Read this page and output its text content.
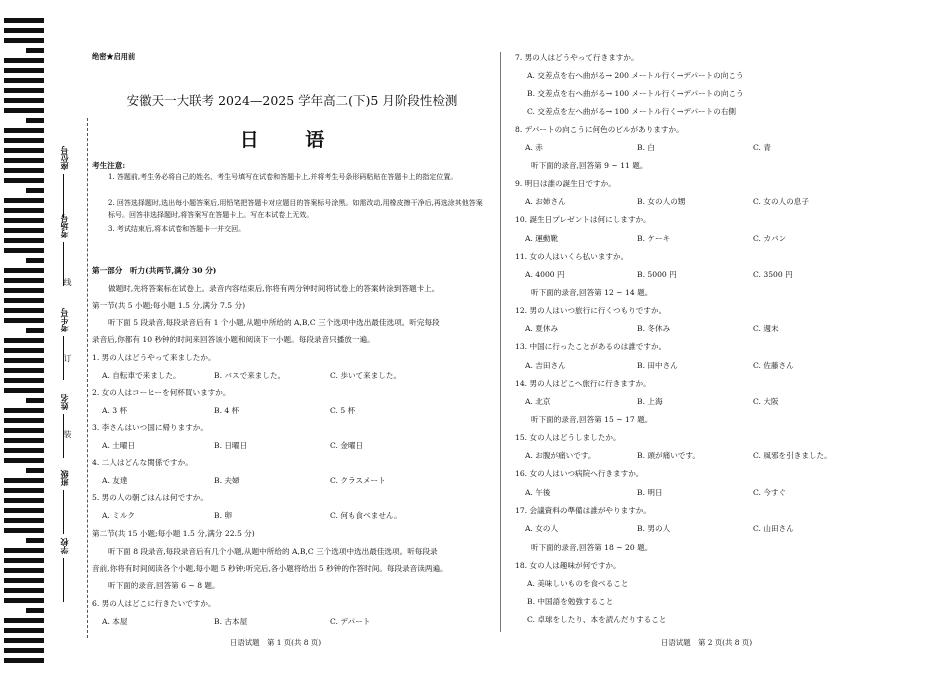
座位号
考场号
考生号
姓名
班级
学校
线
订
装
绝密★启用前
安徽天一大联考 2024—2025 学年高二(下)5 月阶段性检测
日 语
考生注意:
1. 答题前,考生务必将自己的姓名、考生号填写在试卷和答题卡上,并将考生号条形码粘贴在答题卡上的指定位置。
2. 回答选择题时,选出每小题答案后,用铅笔把答题卡对应题目的答案标号涂黑。如需改动,用橡皮擦干净后,再选涂其他答案标号。回答非选择题时,将答案写在答题卡上。写在本试卷上无效。
3. 考试结束后,将本试卷和答题卡一并交回。
第一部分　听力(共两节,满分 30 分)
做题时,先将答案标在试卷上。录音内容结束后,你将有两分钟时间将试卷上的答案转涂到答题卡上。
第一节(共 5 小题;每小题 1.5 分,满分 7.5 分)
听下面 5 段录音,每段录音后有 1 个小题,从题中所给的 A,B,C 三个选项中选出最佳选项。听完每段
录音后,你都有 10 秒钟的时间来回答该小题和阅读下一小题。每段录音只播放一遍。
1. 男の人はどうやって来ましたか。
A. 自転車で来ました。	B. バスで来ました。	C. 歩いて来ました。
2. 女の人はコーヒーを何杯買いますか。
A. 3 杯	B. 4 杯	C. 5 杯
3. 李さんはいつ国に帰りますか。
A. 土曜日	B. 日曜日	C. 金曜日
4. 二人はどんな関係ですか。
A. 友達	B. 夫婦	C. クラスメート
5. 男の人の朝ごはんは何ですか。
A. ミルク	B. 卵	C. 何も食べません。
第二节(共 15 小题;每小题 1.5 分,满分 22.5 分)
听下面 8 段录音,每段录音后有几个小题,从题中所给的 A,B,C 三个选项中选出最佳选项。听每段录
音前,你将有时间阅读各个小题,每小题 5 秒钟;听完后,各小题将给出 5 秒钟的作答时间。每段录音读两遍。
听下面的录音,回答第 6 ~ 8 题。
6. 男の人はどこに行きたいですか。
A. 本屋	B. 古本屋	C. デパート
日语试题　第 1 页(共 8 页)
7. 男の人はどうやって行きますか。
A. 交差点を右へ曲がる→ 200 メートル行く→デパートの向こう
B. 交差点を右へ曲がる→ 100 メートル行く→デパートの向こう
C. 交差点を左へ曲がる→ 100 メートル行く→デパートの右側
8. デパートの向こうに何色のビルがありますか。
A. 赤	B. 白	C. 青
听下面的录音,回答第 9 ~ 11 题。
9. 明日は誰の誕生日ですか。
A. お姉さん	B. 女の人の甥	C. 女の人の息子
10. 誕生日プレゼントは何にしますか。
A. 運動靴	B. ケーキ	C. カバン
11. 女の人はいくら払いますか。
A. 4000 円	B. 5000 円	C. 3500 円
听下面的录音,回答第 12 ~ 14 题。
12. 男の人はいつ旅行に行くつもりですか。
A. 夏休み	B. 冬休み	C. 週末
13. 中国に行ったことがあるのは誰ですか。
A. 吉田さん	B. 田中さん	C. 佐藤さん
14. 男の人はどこへ旅行に行きますか。
A. 北京	B. 上海	C. 大阪
听下面的录音,回答第 15 ~ 17 题。
15. 女の人はどうしましたか。
A. お腹が痛いです。	B. 頭が痛いです。	C. 風邪を引きました。
16. 女の人はいつ病院へ行きますか。
A. 午後	B. 明日	C. 今すぐ
17. 会議資料の準備は誰がやりますか。
A. 女の人	B. 男の人	C. 山田さん
听下面的录音,回答第 18 ~ 20 题。
18. 女の人は趣味が何ですか。
A. 美味しいものを食べること
B. 中国語を勉強すること
C. 卓球をしたり、本を読んだりすること
日语试题　第 2 页(共 8 页)
